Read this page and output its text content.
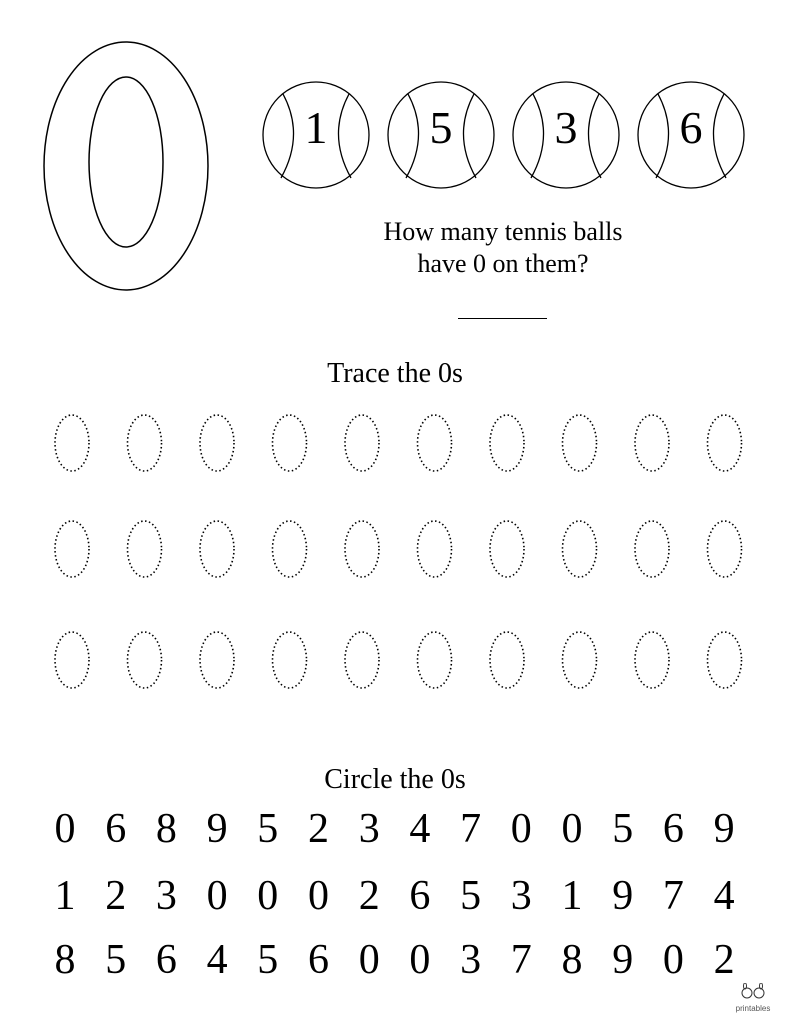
1	5	3	6
How many tennis balls
have 0 on them?
Trace the 0s
Circle the 0s
0 6 8 9 5 2 3 4 7 0 0 5 6 9
1 2 3 0 0 0 2 6 5 3 1 9 7 4
8 5 6 4 5 6 0 0 3 7 8 9 0 2
printables
